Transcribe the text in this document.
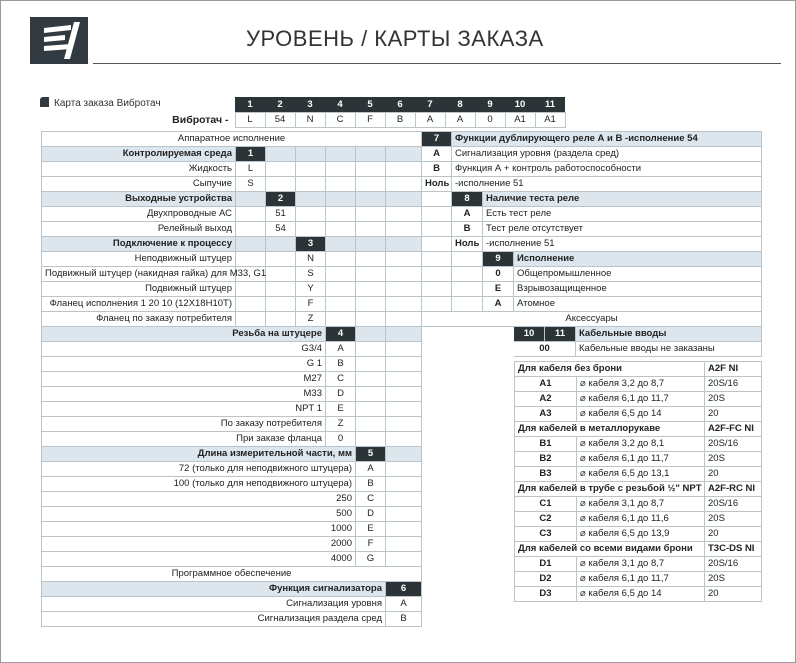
УРОВЕНЬ / КАРТЫ ЗАКАЗА
Карта заказа Вибротач
		1	2	3	4	5	6	7	8	9	10	11
Вибротач -	L	54	N	C	F	B	A	A	0	A1	A1
Аппаратное исполнение						
Контролируемая среда	1					
Жидкость	L					
Сыпучие	S					
Выходные устройства		2				
Двухпроводные АС		51				
Релейный выход		54				
Подключение к процессу			3			
Неподвижный штуцер			N			
Подвижный штуцер (накидная гайка) для М33, G1			S			
Подвижный штуцер			Y			
Фланец исполнения 1 20 10 (12Х18Н10Т)			F			
Фланец по заказу потребителя			Z			
Резьба на штуцере				4		
G3/4				A		
G 1				B		
M27				C		
M33				D		
NPT 1				E		
По заказу потребителя				Z		
При заказе фланца				0		
Длина измерительной части, мм					5	
72 (только для неподвижного штуцера)					A	
100 (только для неподвижного штуцера)					B	
250					C	
500					D	
1000					E	
2000					F	
4000					G	
Программное обеспечение						
Функция сигнализатора						6
Сигнализация уровня						A
Сигнализация раздела сред						B
7	Функции дублирующего реле А и В -исполнение 54				
A	Сигнализация уровня (раздела сред)				
B	Функция А + контроль работоспособности				
Ноль	-исполнение 51				
	8	Наличие теста реле			
	A	Есть тест реле			
	B	Тест реле отсутствует			
	Ноль	-исполнение 51			
		9	Исполнение		
		0	Общепромышленное		
		E	Взрывозащищенное		
		A	Атомное		
Аксессуары					
			10	11	Кабельные вводы
			00		Кабельные вводы не заказаны
Для кабеля без брони		A2F NI
A1	⌀ кабеля 3,2 до 8,7	20S/16
A2	⌀ кабеля 6,1 до 11,7	20S
A3	⌀ кабеля 6,5 до 14	20
Для кабелей в металлорукаве		A2F-FC NI
B1	⌀ кабеля 3,2 до 8,1	20S/16
B2	⌀ кабеля 6,1 до 11,7	20S
B3	⌀ кабеля 6,5 до 13,1	20
Для кабелей в трубе с резьбой ½" NPT		A2F-RC NI
C1	⌀ кабеля 3,1 до 8,7	20S/16
C2	⌀ кабеля 6,1 до 11,6	20S
C3	⌀ кабеля 6,5 до 13,9	20
Для кабелей со всеми видами брони		T3C-DS NI
D1	⌀ кабеля 3,1 до 8,7	20S/16
D2	⌀ кабеля 6,1 до 11,7	20S
D3	⌀ кабеля 6,5 до 14	20
